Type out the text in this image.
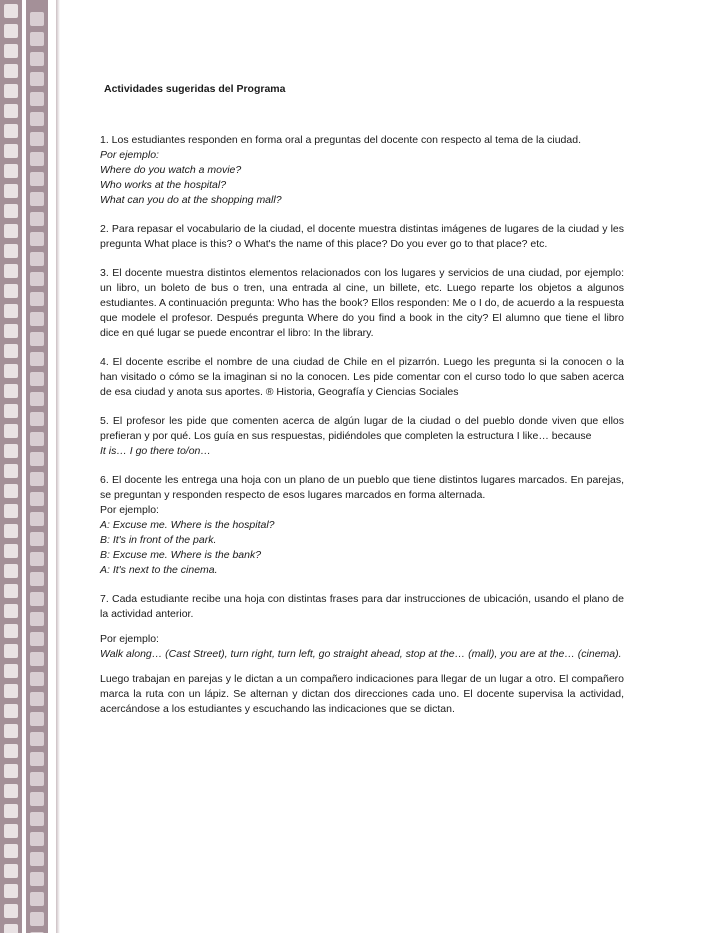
Actividades sugeridas del Programa
1. Los estudiantes responden en forma oral a preguntas del docente con respecto al tema de la ciudad.
Por ejemplo:
Where do you watch a movie?
Who works at the hospital?
What can you do at the shopping mall?
2. Para repasar el vocabulario de la ciudad, el docente muestra distintas imágenes de lugares de la ciudad y les pregunta What place is this? o What's the name of this place? Do you ever go to that place? etc.
3. El docente muestra distintos elementos relacionados con los lugares y servicios de una ciudad, por ejemplo: un libro, un boleto de bus o tren, una entrada al cine, un billete, etc. Luego reparte los objetos a algunos estudiantes. A continuación pregunta: Who has the book? Ellos responden: Me o I do, de acuerdo a la respuesta que modele el profesor. Después pregunta Where do you find a book in the city? El alumno que tiene el libro dice en qué lugar se puede encontrar el libro: In the library.
4. El docente escribe el nombre de una ciudad de Chile en el pizarrón. Luego les pregunta si la conocen o la han visitado o cómo se la imaginan si no la conocen. Les pide comentar con el curso todo lo que saben acerca de esa ciudad y anota sus aportes. ® Historia, Geografía y Ciencias Sociales
5. El profesor les pide que comenten acerca de algún lugar de la ciudad o del pueblo donde viven que ellos prefieran y por qué. Los guía en sus respuestas, pidiéndoles que completen la estructura I like… because
It is… I go there to/on…
6. El docente les entrega una hoja con un plano de un pueblo que tiene distintos lugares marcados. En parejas, se preguntan y responden respecto de esos lugares marcados en forma alternada.
Por ejemplo:
A: Excuse me. Where is the hospital?
B: It's in front of the park.
B: Excuse me. Where is the bank?
A: It's next to the cinema.
7. Cada estudiante recibe una hoja con distintas frases para dar instrucciones de ubicación, usando el plano de la actividad anterior.
Por ejemplo:
Walk along… (Cast Street), turn right, turn left, go straight ahead, stop at the… (mall), you are at the… (cinema).
Luego trabajan en parejas y le dictan a un compañero indicaciones para llegar de un lugar a otro. El compañero marca la ruta con un lápiz. Se alternan y dictan dos direcciones cada uno. El docente supervisa la actividad, acercándose a los estudiantes y escuchando las indicaciones que se dictan.
